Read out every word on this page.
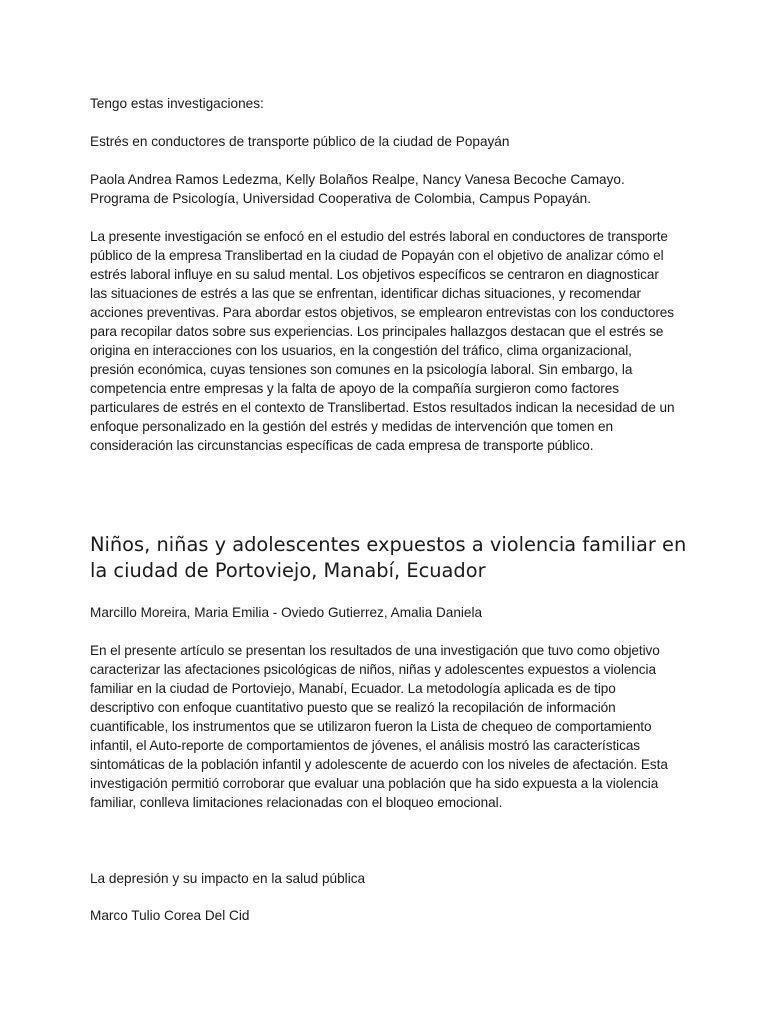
Tengo estas investigaciones:

Estrés en conductores de transporte público de la ciudad de Popayán

Paola Andrea Ramos Ledezma, Kelly Bolaños Realpe, Nancy Vanesa Becoche Camayo.

Programa de Psicología, Universidad Cooperativa de Colombia, Campus Popayán.

La presente investigación se enfocó en el estudio del estrés laboral en conductores de transporte público de la empresa Translibertad en la ciudad de Popayán con el objetivo de analizar cómo el estrés laboral influye en su salud mental. Los objetivos específicos se centraron en diagnosticar las situaciones de estrés a las que se enfrentan, identificar dichas situaciones, y recomendar acciones preventivas. Para abordar estos objetivos, se emplearon entrevistas con los conductores para recopilar datos sobre sus experiencias. Los principales hallazgos destacan que el estrés se origina en interacciones con los usuarios, en la congestión del tráfico, clima organizacional, presión económica, cuyas tensiones son comunes en la psicología laboral. Sin embargo, la competencia entre empresas y la falta de apoyo de la compañía surgieron como factores particulares de estrés en el contexto de Translibertad. Estos resultados indican la necesidad de un enfoque personalizado en la gestión del estrés y medidas de intervención que tomen en consideración las circunstancias específicas de cada empresa de transporte público.

Niños, niñas y adolescentes expuestos a violencia familiar en la ciudad de Portoviejo, Manabí, Ecuador

Marcillo Moreira, Maria Emilia - Oviedo Gutierrez, Amalia Daniela

En el presente artículo se presentan los resultados de una investigación que tuvo como objetivo caracterizar las afectaciones psicológicas de niños, niñas y adolescentes expuestos a violencia familiar en la ciudad de Portoviejo, Manabí, Ecuador. La metodología aplicada es de tipo descriptivo con enfoque cuantitativo puesto que se realizó la recopilación de información cuantificable, los instrumentos que se utilizaron fueron la Lista de chequeo de comportamiento infantil, el Auto-reporte de comportamientos de jóvenes, el análisis mostró las características sintomáticas de la población infantil y adolescente de acuerdo con los niveles de afectación. Esta investigación permitió corroborar que evaluar una población que ha sido expuesta a la violencia familiar, conlleva limitaciones relacionadas con el bloqueo emocional.

La depresión y su impacto en la salud pública

Marco Tulio Corea Del Cid
